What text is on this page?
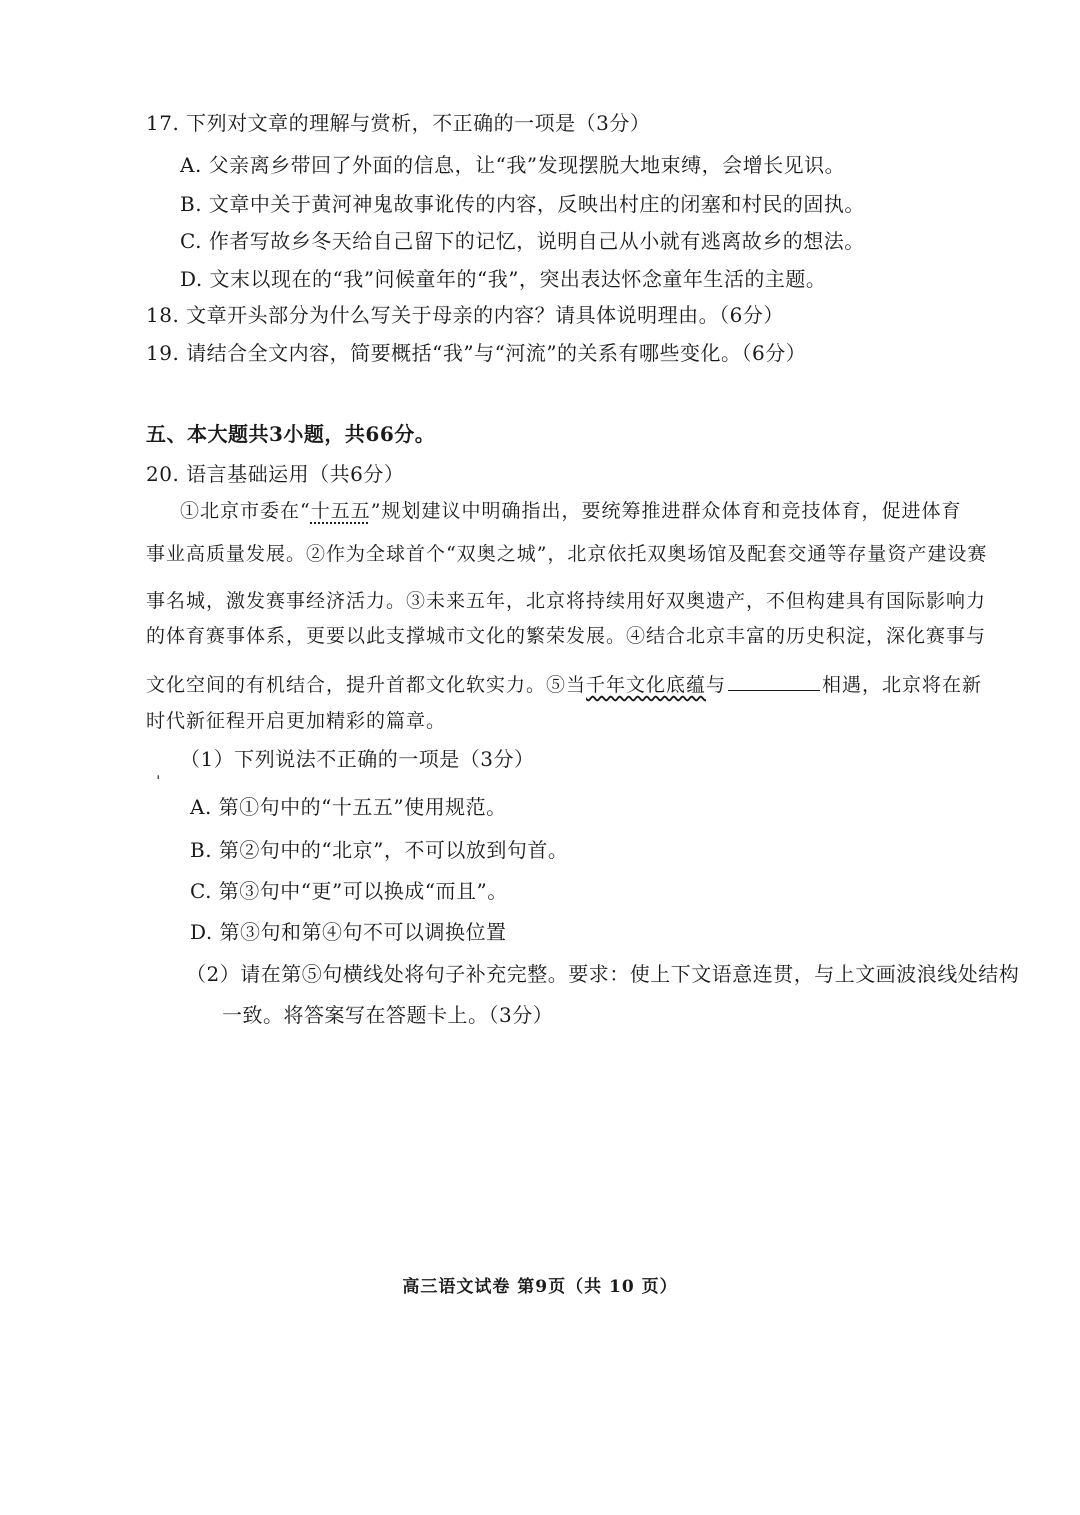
17. 下列对文章的理解与赏析，不正确的一项是（3分）
A. 父亲离乡带回了外面的信息，让“我”发现摆脱大地束缚，会增长见识。
B. 文章中关于黄河神鬼故事讹传的内容，反映出村庄的闭塞和村民的固执。
C. 作者写故乡冬天给自己留下的记忆，说明自己从小就有逃离故乡的想法。
D. 文末以现在的“我”问候童年的“我”，突出表达怀念童年生活的主题。
18. 文章开头部分为什么写关于母亲的内容？请具体说明理由。（6分）
19. 请结合全文内容，简要概括“我”与“河流”的关系有哪些变化。（6分）
五、本大题共3小题，共66分。
20. 语言基础运用（共6分）
①北京市委在“十五五”规划建议中明确指出，要统筹推进群众体育和竞技体育，促进体育
事业高质量发展。②作为全球首个“双奥之城”，北京依托双奥场馆及配套交通等存量资产建设赛
事名城，激发赛事经济活力。③未来五年，北京将持续用好双奥遗产，不但构建具有国际影响力
的体育赛事体系，更要以此支撑城市文化的繁荣发展。④结合北京丰富的历史积淀，深化赛事与
文化空间的有机结合，提升首都文化软实力。⑤当千年文化底蕴与	相遇，北京将在新
时代新征程开启更加精彩的篇章。
ˌ
（1）下列说法不正确的一项是（3分）
A. 第①句中的“十五五”使用规范。
B. 第②句中的“北京”，不可以放到句首。
C. 第③句中“更”可以换成“而且”。
D. 第③句和第④句不可以调换位置
（2）请在第⑤句横线处将句子补充完整。要求：使上下文语意连贯，与上文画波浪线处结构
一致。将答案写在答题卡上。（3分）
高三语文试卷 第9页（共 10 页）
